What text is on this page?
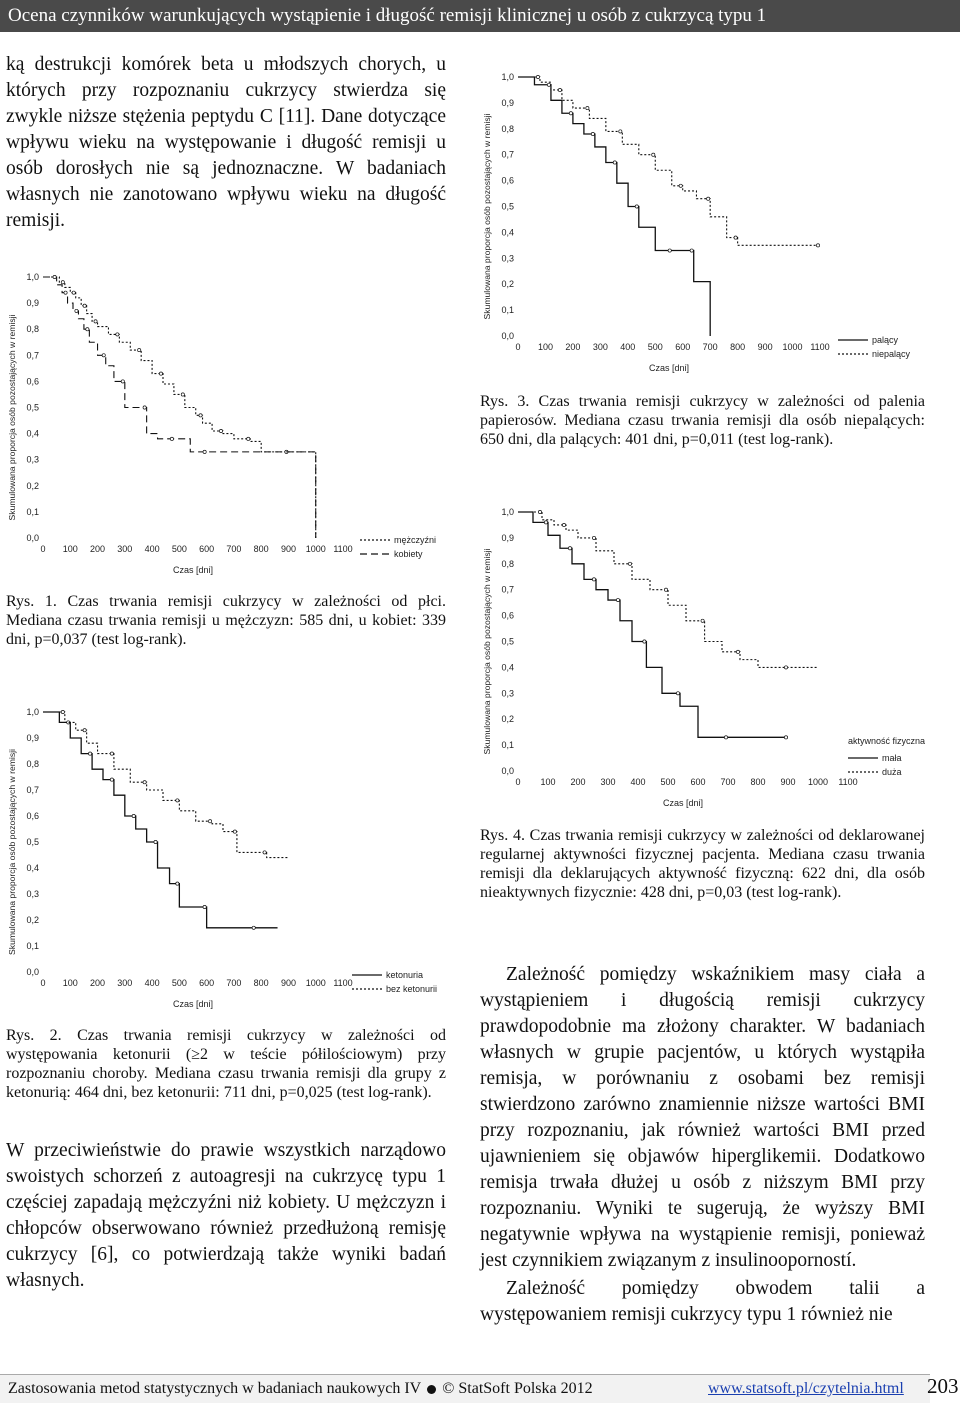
Ocena czynników warunkujących wystąpienie i długość remisji klinicznej u osób z cukrzycą typu 1

ką destrukcji komórek beta u młodszych chorych, u których przy rozpoznaniu cukrzycy stwierdza się zwykle niższe stężenia peptydu C [11]. Dane dotyczące wpływu wieku na występowanie i długość remisji u osób dorosłych nie są jednoznaczne. W badaniach własnych nie zanotowano wpływu wieku na długość remisji.

Rys. 1. Czas trwania remisji cukrzycy w zależności od płci. Mediana czasu trwania remisji u mężczyzn: 585 dni, u kobiet: 339 dni, p=0,037 (test log-rank).

Rys. 2. Czas trwania remisji cukrzycy w zależności od występowania ketonurii (≥2 w teście półilościowym) przy rozpoznaniu choroby. Mediana czasu trwania remisji dla grupy z ketonurią: 464 dni, bez ketonurii: 711 dni, p=0,025 (test log-rank).

W przeciwieństwie do prawie wszystkich narządowo swoistych schorzeń z autoagresji na cukrzycę typu 1 częściej zapadają mężczyźni niż kobiety. U mężczyzn i chłopców obserwowano również przedłużoną remisję cukrzycy [6], co potwierdzają także wyniki badań własnych.

Rys. 3. Czas trwania remisji cukrzycy w zależności od palenia papierosów. Mediana czasu trwania remisji dla osób niepalących: 650 dni, dla palących: 401 dni, p=0,011 (test log-rank).

Rys. 4. Czas trwania remisji cukrzycy w zależności od deklarowanej regularnej aktywności fizycznej pacjenta. Mediana czasu trwania remisji dla deklarujących aktywność fizyczną: 622 dni, dla osób nieaktywnych fizycznie: 428 dni, p=0,03 (test log-rank).

Zależność pomiędzy wskaźnikiem masy ciała a wystąpieniem i długością remisji cukrzycy prawdopodobnie ma złożony charakter. W badaniach własnych w grupie pacjentów, u których wystąpiła remisja, w porównaniu z osobami bez remisji stwierdzono zarówno znamiennie niższe wartości BMI przy rozpoznaniu, jak również wartości BMI przed ujawnieniem się objawów hiperglikemii. Dodatkowo remisja trwała dłużej u osób z niższym BMI przy rozpoznaniu. Wyniki te sugerują, że wyższy BMI negatywnie wpływa na wystąpienie remisji, ponieważ jest czynnikiem związanym z insulinooporností.

Zależność pomiędzy obwodem talii a występowaniem remisji cukrzycy typu 1 również nie

0,0
0,1
0,2
0,3
0,4
0,5
0,6
0,7
0,8
0,9
1,0
0 100 200 300 400 500 600 700 800 900 1000 1100
Czas [dni]
Skumulowana proporcja osób pozostających w remisji
mężczyźni
kobiety
0,0
0,1
0,2
0,3
0,4
0,5
0,6
0,7
0,8
0,9
1,0
0 100 200 300 400 500 600 700 800 900 1000 1100
Czas [dni]
Skumulowana proporcja osób pozostających w remisji
ketonuria
bez ketonurii
0,0
0,1
0,2
0,3
0,4
0,5
0,6
0,7
0,8
0,9
1,0
0 100 200 300 400 500 600 700 800 900 1000 1100
Czas [dni]
Skumulowana proporcja osób pozostających w remisji
palący
niepalący
0,0
0,1
0,2
0,3
0,4
0,5
0,6
0,7
0,8
0,9
1,0
0 100 200 300 400 500 600 700 800 900 1000 1100
Czas [dni]
Skumulowana proporcja osób pozostających w remisji	aktywność fizyczna
mała
duża
Zastosowania metod statystycznych w badaniach naukowych IV © StatSoft Polska 2012	www.statsoft.pl/czytelnia.html 203
